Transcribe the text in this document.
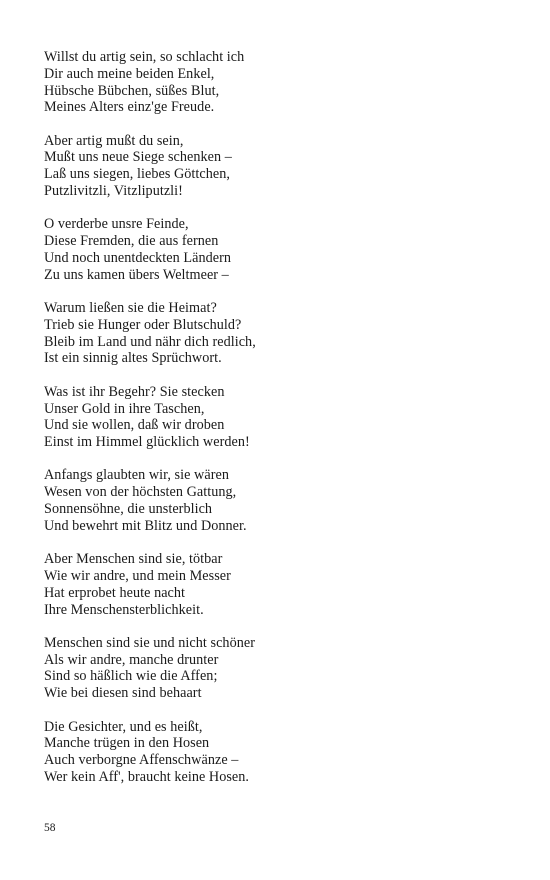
Willst du artig sein, so schlacht ich
Dir auch meine beiden Enkel,
Hübsche Bübchen, süßes Blut,
Meines Alters einz'ge Freude.
Aber artig mußt du sein,
Mußt uns neue Siege schenken –
Laß uns siegen, liebes Göttchen,
Putzlivitzli, Vitzliputzli!
O verderbe unsre Feinde,
Diese Fremden, die aus fernen
Und noch unentdeckten Ländern
Zu uns kamen übers Weltmeer –
Warum ließen sie die Heimat?
Trieb sie Hunger oder Blutschuld?
Bleib im Land und nähr dich redlich,
Ist ein sinnig altes Sprüchwort.
Was ist ihr Begehr? Sie stecken
Unser Gold in ihre Taschen,
Und sie wollen, daß wir droben
Einst im Himmel glücklich werden!
Anfangs glaubten wir, sie wären
Wesen von der höchsten Gattung,
Sonnensöhne, die unsterblich
Und bewehrt mit Blitz und Donner.
Aber Menschen sind sie, tötbar
Wie wir andre, und mein Messer
Hat erprobet heute nacht
Ihre Menschensterblichkeit.
Menschen sind sie und nicht schöner
Als wir andre, manche drunter
Sind so häßlich wie die Affen;
Wie bei diesen sind behaart
Die Gesichter, und es heißt,
Manche trügen in den Hosen
Auch verborgne Affenschwänze –
Wer kein Aff', braucht keine Hosen.
58
